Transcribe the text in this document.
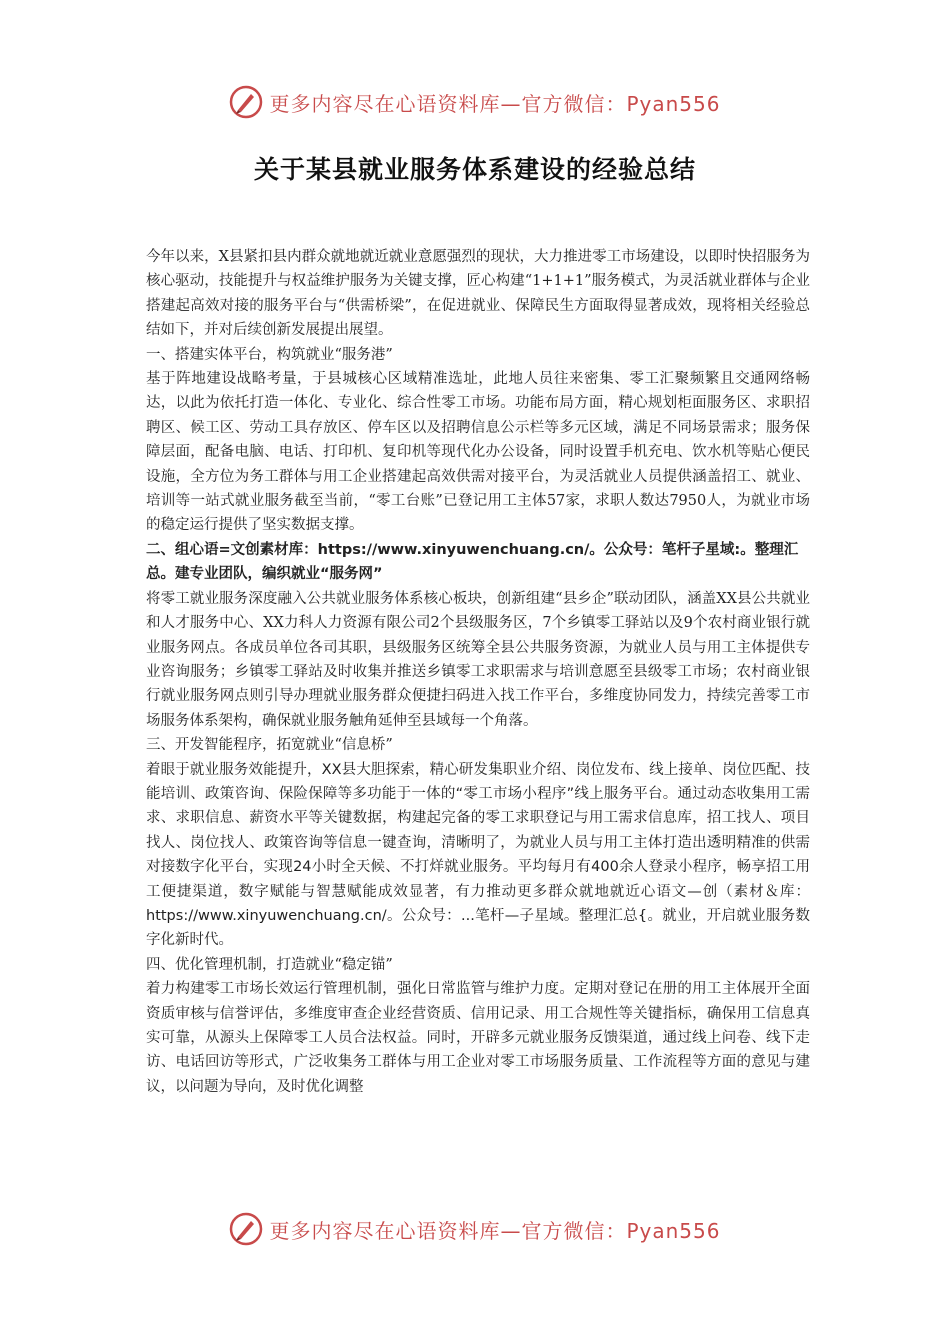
更多内容尽在心语资料库—官方微信：Pyan556
关于某县就业服务体系建设的经验总结

今年以来，X县紧扣县内群众就地就近就业意愿强烈的现状，大力推进零工市场建设，以即时快招服务为核心驱动，技能提升与权益维护服务为关键支撑，匠心构建“1+1+1”服务模式，为灵活就业群体与企业搭建起高效对接的服务平台与“供需桥梁”，在促进就业、保障民生方面取得显著成效，现将相关经验总结如下，并对后续创新发展提出展望。

一、搭建实体平台，构筑就业“服务港”

基于阵地建设战略考量，于县城核心区域精准选址，此地人员往来密集、零工汇聚频繁且交通网络畅达，以此为依托打造一体化、专业化、综合性零工市场。功能布局方面，精心规划柜面服务区、求职招聘区、候工区、劳动工具存放区、停车区以及招聘信息公示栏等多元区域，满足不同场景需求；服务保障层面，配备电脑、电话、打印机、复印机等现代化办公设备，同时设置手机充电、饮水机等贴心便民设施，全方位为务工群体与用工企业搭建起高效供需对接平台，为灵活就业人员提供涵盖招工、就业、培训等一站式就业服务截至当前，“零工台账”已登记用工主体57家，求职人数达7950人，为就业市场的稳定运行提供了坚实数据支撑。

二、组心语=文创素材库：https://www.xinyuwenchuang.cn/。公众号：笔杆子星域:。整理汇总。建专业团队，编织就业“服务网”

将零工就业服务深度融入公共就业服务体系核心板块，创新组建“县乡企”联动团队，涵盖XX县公共就业和人才服务中心、XX力科人力资源有限公司2个县级服务区，7个乡镇零工驿站以及9个农村商业银行就业服务网点。各成员单位各司其职，县级服务区统筹全县公共服务资源，为就业人员与用工主体提供专业咨询服务；乡镇零工驿站及时收集并推送乡镇零工求职需求与培训意愿至县级零工市场；农村商业银行就业服务网点则引导办理就业服务群众便捷扫码进入找工作平台，多维度协同发力，持续完善零工市场服务体系架构，确保就业服务触角延伸至县域每一个角落。

三、开发智能程序，拓宽就业“信息桥”

着眼于就业服务效能提升，XX县大胆探索，精心研发集职业介绍、岗位发布、线上接单、岗位匹配、技能培训、政策咨询、保险保障等多功能于一体的“零工市场小程序”线上服务平台。通过动态收集用工需求、求职信息、薪资水平等关键数据，构建起完备的零工求职登记与用工需求信息库，招工找人、项目找人、岗位找人、政策咨询等信息一键查询，清晰明了，为就业人员与用工主体打造出透明精准的供需对接数字化平台，实现24小时全天候、不打烊就业服务。平均每月有400余人登录小程序，畅享招工用工便捷渠道，数字赋能与智慧赋能成效显著，有力推动更多群众就地就近心语文—创（素材＆库：https://www.xinyuwenchuang.cn/。公众号：...笔杆—子星域。整理汇总{。就业，开启就业服务数字化新时代。

四、优化管理机制，打造就业“稳定锚”

着力构建零工市场长效运行管理机制，强化日常监管与维护力度。定期对登记在册的用工主体展开全面资质审核与信誉评估，多维度审查企业经营资质、信用记录、用工合规性等关键指标，确保用工信息真实可靠，从源头上保障零工人员合法权益。同时，开辟多元就业服务反馈渠道，通过线上问卷、线下走访、电话回访等形式，广泛收集务工群体与用工企业对零工市场服务质量、工作流程等方面的意见与建议，以问题为导向，及时优化调整

更多内容尽在心语资料库—官方微信：Pyan556
